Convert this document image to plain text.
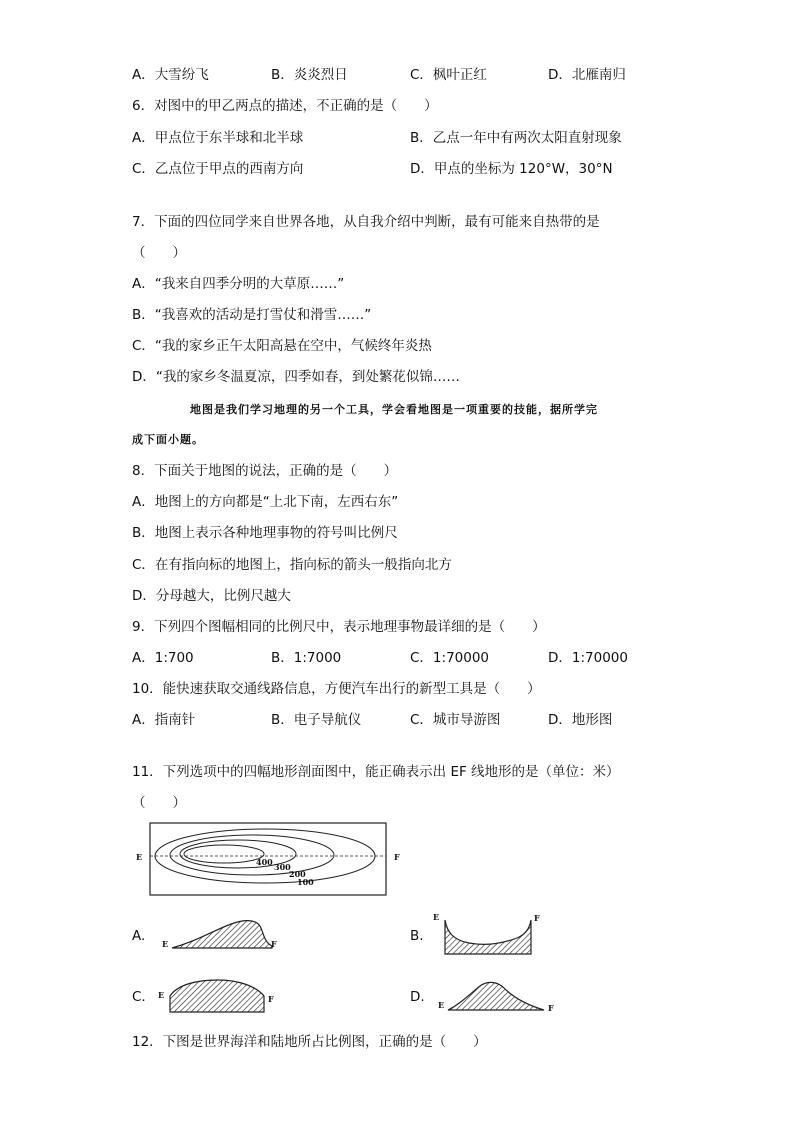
A．大雪纷飞	B．炎炎烈日	C．枫叶正红	D．北雁南归
6．对图中的甲乙两点的描述，不正确的是（　　）
A．甲点位于东半球和北半球	B．乙点一年中有两次太阳直射现象
C．乙点位于甲点的西南方向	D．甲点的坐标为 120°W，30°N
7．下面的四位同学来自世界各地，从自我介绍中判断，最有可能来自热带的是
（　　）
A．“我来自四季分明的大草原……”
B．“我喜欢的活动是打雪仗和滑雪……”
C．“我的家乡正午太阳高悬在空中，气候终年炎热
D．“我的家乡冬温夏凉，四季如春，到处繁花似锦……
地图是我们学习地理的另一个工具，学会看地图是一项重要的技能，据所学完
成下面小题。
8．下面关于地图的说法，正确的是（　　）
A．地图上的方向都是“上北下南，左西右东”
B．地图上表示各种地理事物的符号叫比例尺
C．在有指向标的地图上，指向标的箭头一般指向北方
D．分母越大，比例尺越大
9．下列四个图幅相同的比例尺中，表示地理事物最详细的是（　　）
A．1:700	B．1:7000	C．1:70000	D．1:70000
10．能快速获取交通线路信息，方便汽车出行的新型工具是（　　）
A．指南针	B．电子导航仪	C．城市导游图	D．地形图
11．下列选项中的四幅地形剖面图中，能正确表示出 EF 线地形的是（单位：米）
（　　）
E	F
400 300
200
100
A. E	F	B.
E	F
C. E	F	D. E	F
12．下图是世界海洋和陆地所占比例图，正确的是（　　）
